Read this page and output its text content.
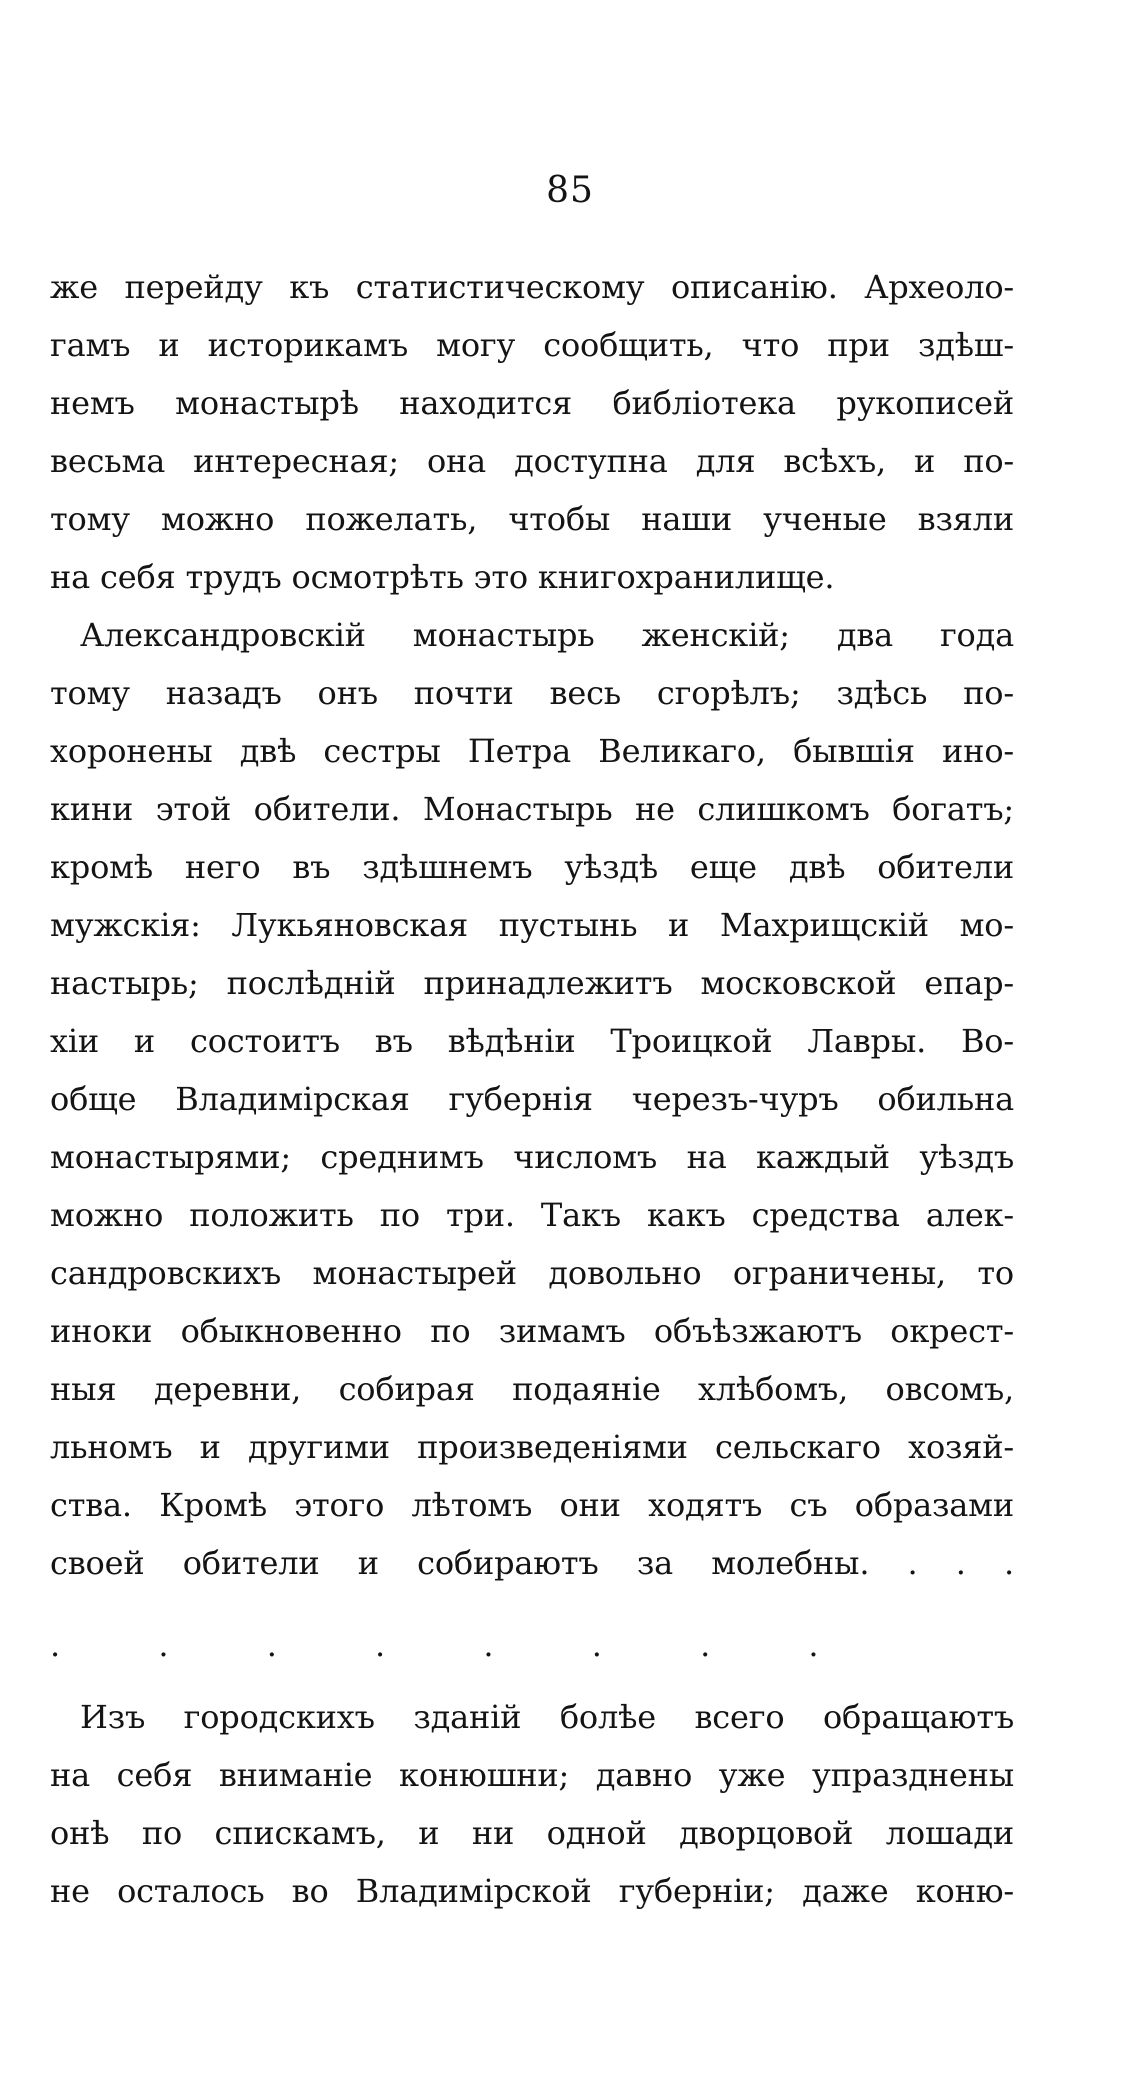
85
же перейду къ статистическому описанію. Археоло-
гамъ и историкамъ могу сообщить, что при здѣш-
немъ монастырѣ находится библіотека рукописей
весьма интересная; она доступна для всѣхъ, и по-
тому можно пожелать, чтобы наши ученые взяли
на себя трудъ осмотрѣть это книгохранилище.
Александровскій монастырь женскій; два года
тому назадъ онъ почти весь сгорѣлъ; здѣсь по-
хоронены двѣ сестры Петра Великаго, бывшія ино-
кини этой обители. Монастырь не слишкомъ богатъ;
кромѣ него въ здѣшнемъ уѣздѣ еще двѣ обители
мужскія: Лукьяновская пустынь и Махрищскій мо-
настырь; послѣдній принадлежитъ московской епар-
хіи и состоитъ въ вѣдѣніи Троицкой Лавры. Во-
обще Владимірская губернія черезъ-чуръ обильна
монастырями; среднимъ числомъ на каждый уѣздъ
можно положить по три. Такъ какъ средства алек-
сандровскихъ монастырей довольно ограничены, то
иноки обыкновенно по зимамъ объѣзжаютъ окрест-
ныя деревни, собирая подаяніе хлѣбомъ, овсомъ,
льномъ и другими произведеніями сельскаго хозяй-
ства. Кромѣ этого лѣтомъ они ходятъ съ образами
своей обители и собираютъ за молебны. . . .
. . . . . . . .
Изъ городскихъ зданій болѣе всего обращаютъ
на себя вниманіе конюшни; давно уже упразднены
онѣ по спискамъ, и ни одной дворцовой лошади
не осталось во Владимірской губерніи; даже коню-
